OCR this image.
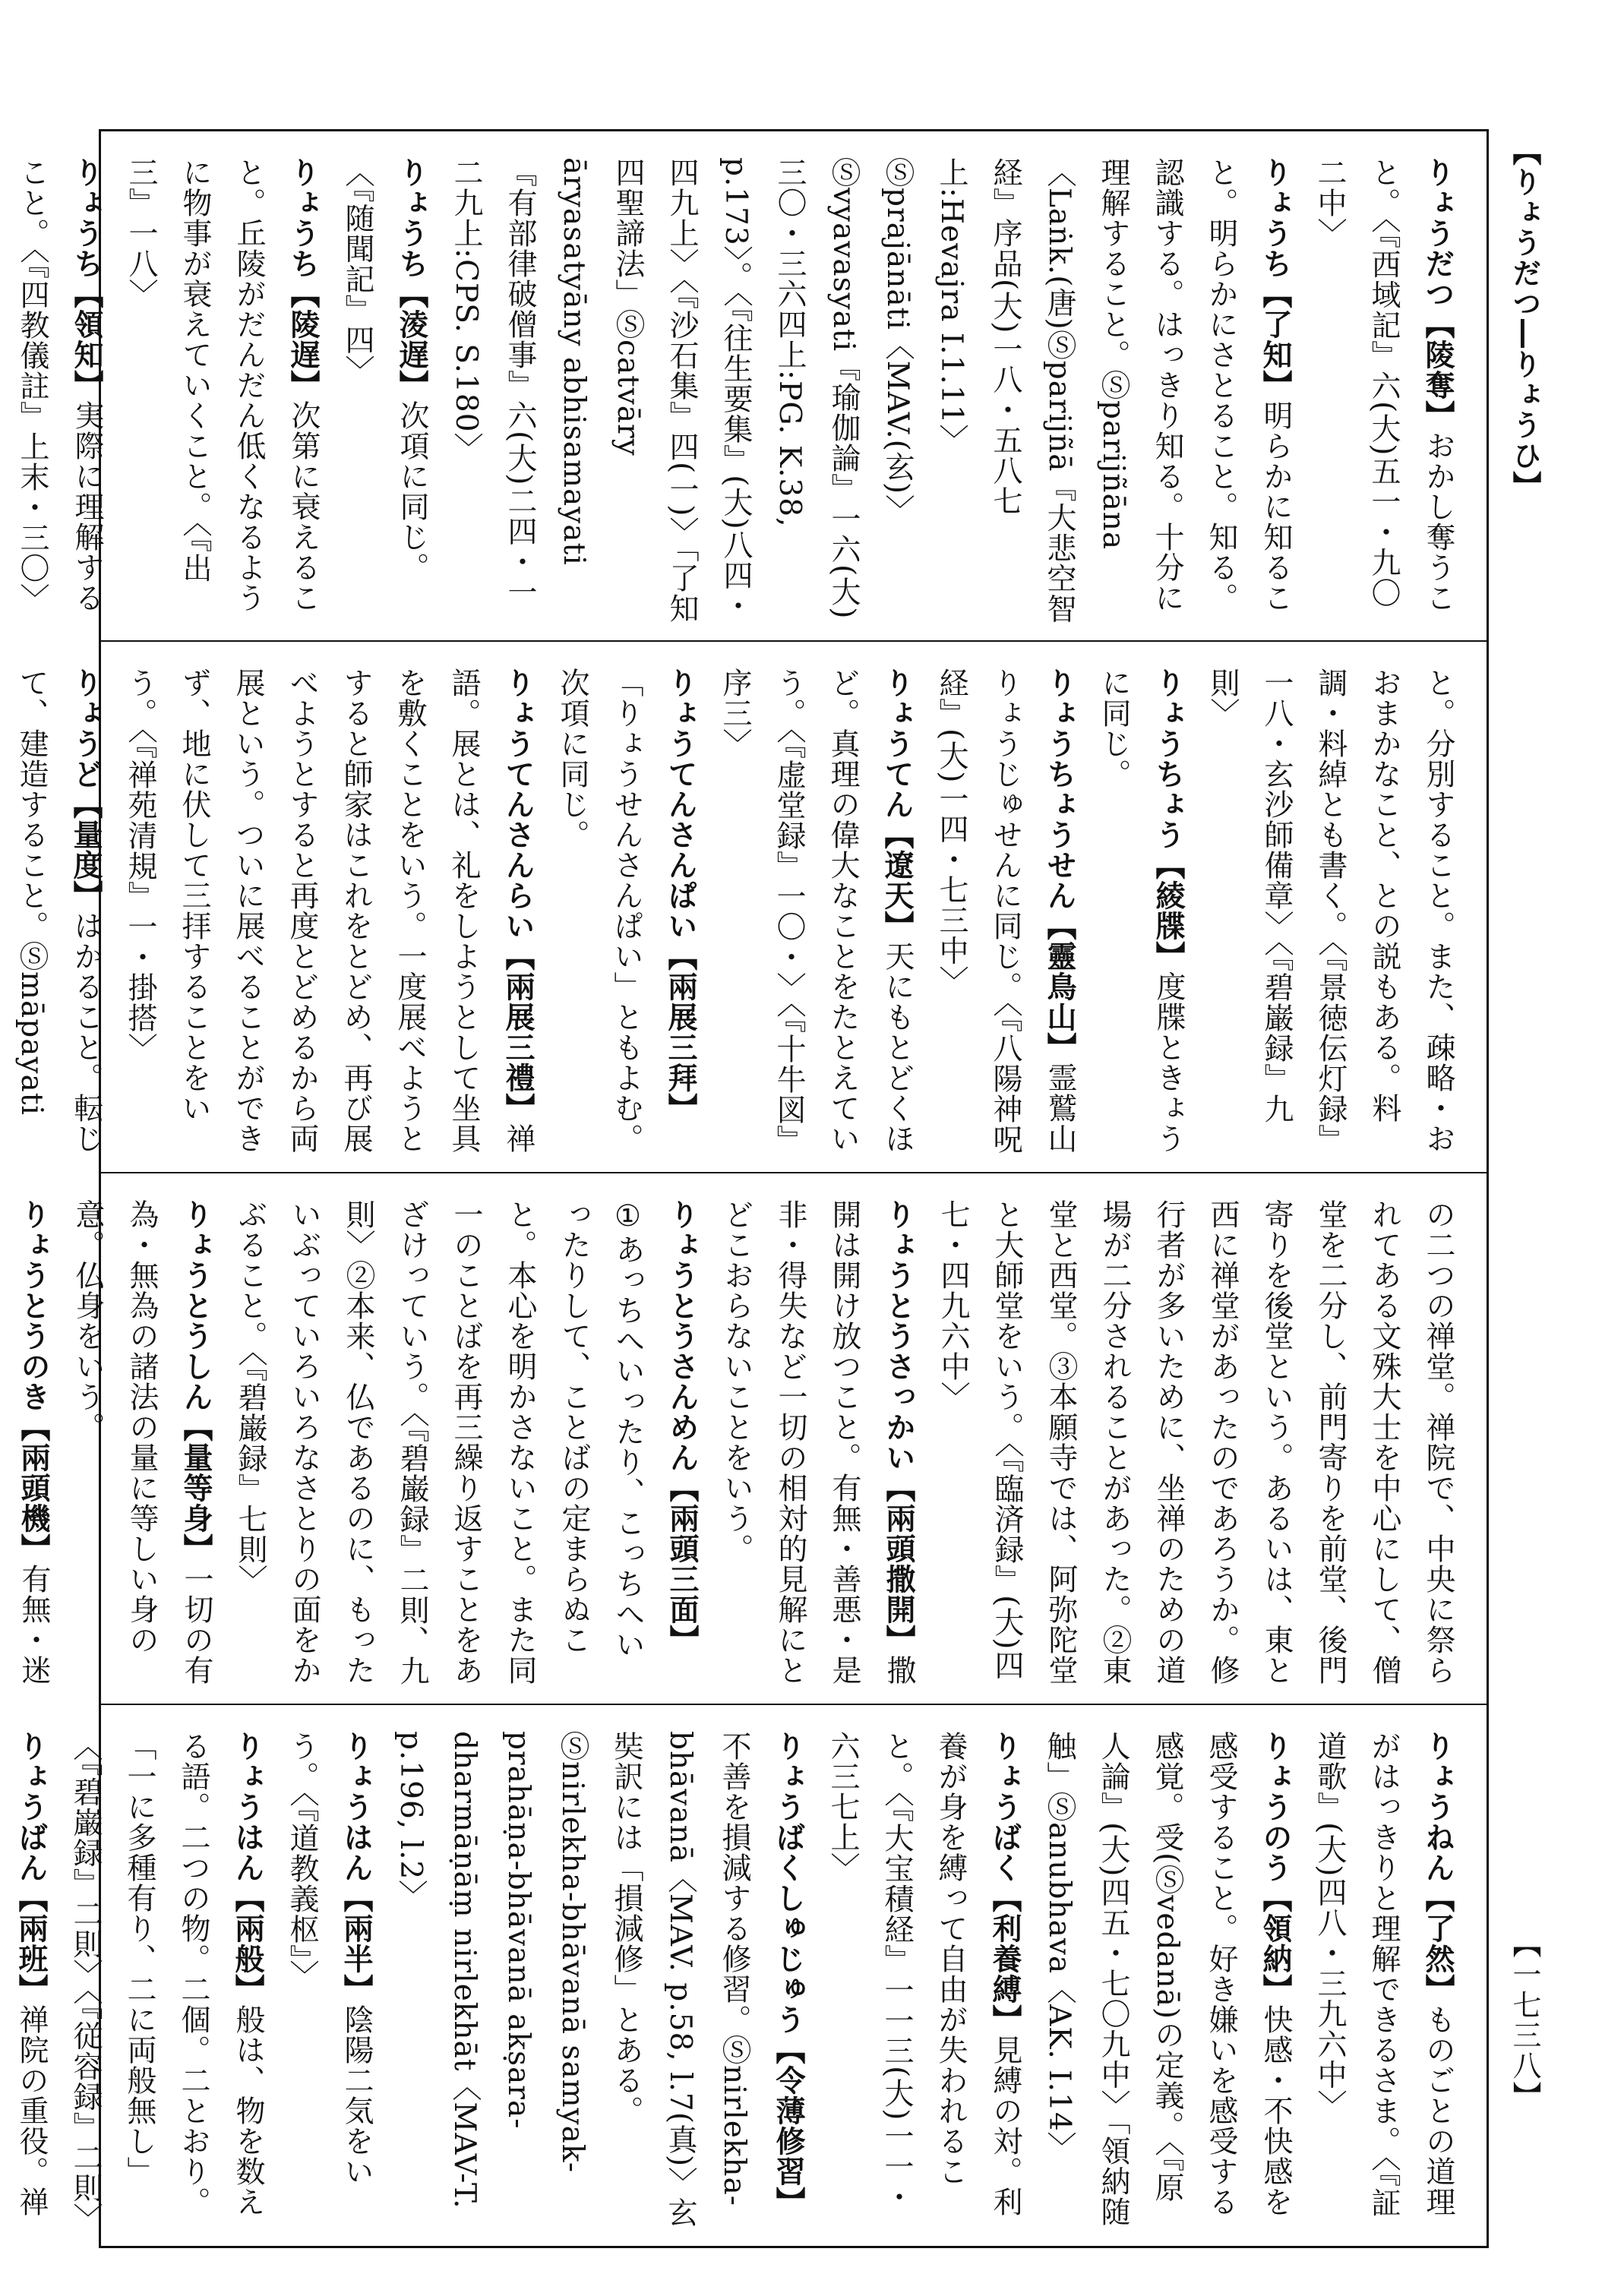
【りょうだつ―りょうひ】

りょうだつ【陵奪】おかし奪うこと。〈『西域記』六(大)五一・九〇二中〉

りょうち【了知】明らかに知ること。明らかにさとること。知る。認識する。はっきり知る。十分に理解すること。Ⓢparijñāna〈Laṅk.(唐)Ⓢparijñā『大悲空智経』序品(大)一八・五八七上:Hevajra I.1.11〉Ⓢprajānāti〈MAV.(玄)〉Ⓢvyavasyati『瑜伽論』一六(大)三〇・三六四上:PG. K.38, p.173〉。〈『往生要集』(大)八四・四九上〉〈『沙石集』四(一)〉「了知四聖諦法」Ⓢcatvāry āryasatyāny abhisamayati『有部律破僧事』六(大)二四・一二九上:CPS. S.180〉

りょうち【淩遅】次項に同じ。〈『随聞記』四〉

りょうち【陵遅】次第に衰えること。丘陵がだんだん低くなるように物事が衰えていくこと。〈『出三』一八〉

りょうち【領知】実際に理解すること。〈『四教儀註』上末・三〇〉

と。分別すること。また、疎略・おおまかなこと、との説もある。料調・料綽とも書く。〈『景徳伝灯録』一八・玄沙師備章〉〈『碧巌録』九則〉

りょうちょう【綾牒】度牒ときょうに同じ。

りょうちょうせん【靈鳥山】霊鷲山りょうじゅせんに同じ。〈『八陽神呪経』(大)一四・七三中〉

りょうてん【遼天】天にもとどくほど。真理の偉大なことをたとえていう。〈『虚堂録』一〇・〉〈『十牛図』序三〉

りょうてんさんぱい【兩展三拜】「りょうせんさんぱい」ともよむ。次項に同じ。

りょうてんさんらい【兩展三禮】禅語。展とは、礼をしようとして坐具を敷くことをいう。一度展べようとすると師家はこれをとどめ、再び展べようとすると再度とどめるから両展という。ついに展べることができず、地に伏して三拝することをいう。〈『禅苑清規』一・掛搭〉

りょうど【量度】はかること。転じて、建造すること。Ⓢmāpayati

の二つの禅堂。禅院で、中央に祭られてある文殊大士を中心にして、僧堂を二分し、前門寄りを前堂、後門寄りを後堂という。あるいは、東と西に禅堂があったのであろうか。修行者が多いために、坐禅のための道場が二分されることがあった。②東堂と西堂。③本願寺では、阿弥陀堂と大師堂をいう。〈『臨済録』(大)四七・四九六中〉

りょうとうさっかい【兩頭撒開】撒開は開け放つこと。有無・善悪・是非・得失など一切の相対的見解にとどこおらないことをいう。

りょうとうさんめん【兩頭三面】①あっちへいったり、こっちへいったりして、ことばの定まらぬこと。本心を明かさないこと。また同一のことばを再三繰り返すことをあざけっていう。〈『碧巌録』二則、九則〉②本来、仏であるのに、もったいぶっていろいろなさとりの面をかぶること。〈『碧巌録』七則〉

りょうとうしん【量等身】一切の有為・無為の諸法の量に等しい身の意。仏身をいう。

りょうとうのき【兩頭機】有無・迷

りょうねん【了然】ものごとの道理がはっきりと理解できるさま。〈『証道歌』(大)四八・三九六中〉

りょうのう【領納】快感・不快感を感受すること。好き嫌いを感受する感覚。受(Ⓢvedanā)の定義。〈『原人論』(大)四五・七〇九中〉「領納随触」Ⓢanubhava〈AK. I.14〉

りょうばく【利養縛】見縛の対。利養が身を縛って自由が失われること。〈『大宝積経』一一三(大)一一・六三七上〉

りょうばくしゅじゅう【令薄修習】不善を損減する修習。Ⓢnirlekha-bhāvanā〈MAV. p.58, l.7(真)〉玄奘訳には「損減修」とある。Ⓢnirlekha-bhāvanā samyak-prahāṇa-bhāvanā akṣara-dharmāṇāṃ nirlekhāt〈MAV-T. p.196, l.2〉

りょうはん【兩半】陰陽二気をいう。〈『道教義枢』〉

りょうはん【兩般】般は、物を数える語。二つの物。二個。二とおり。「一に多種有り、二に両般無し」〈『碧巌録』二則〉〈『従容録』二則〉

りょうばん【兩班】禅院の重役。禅

【一七三八】
